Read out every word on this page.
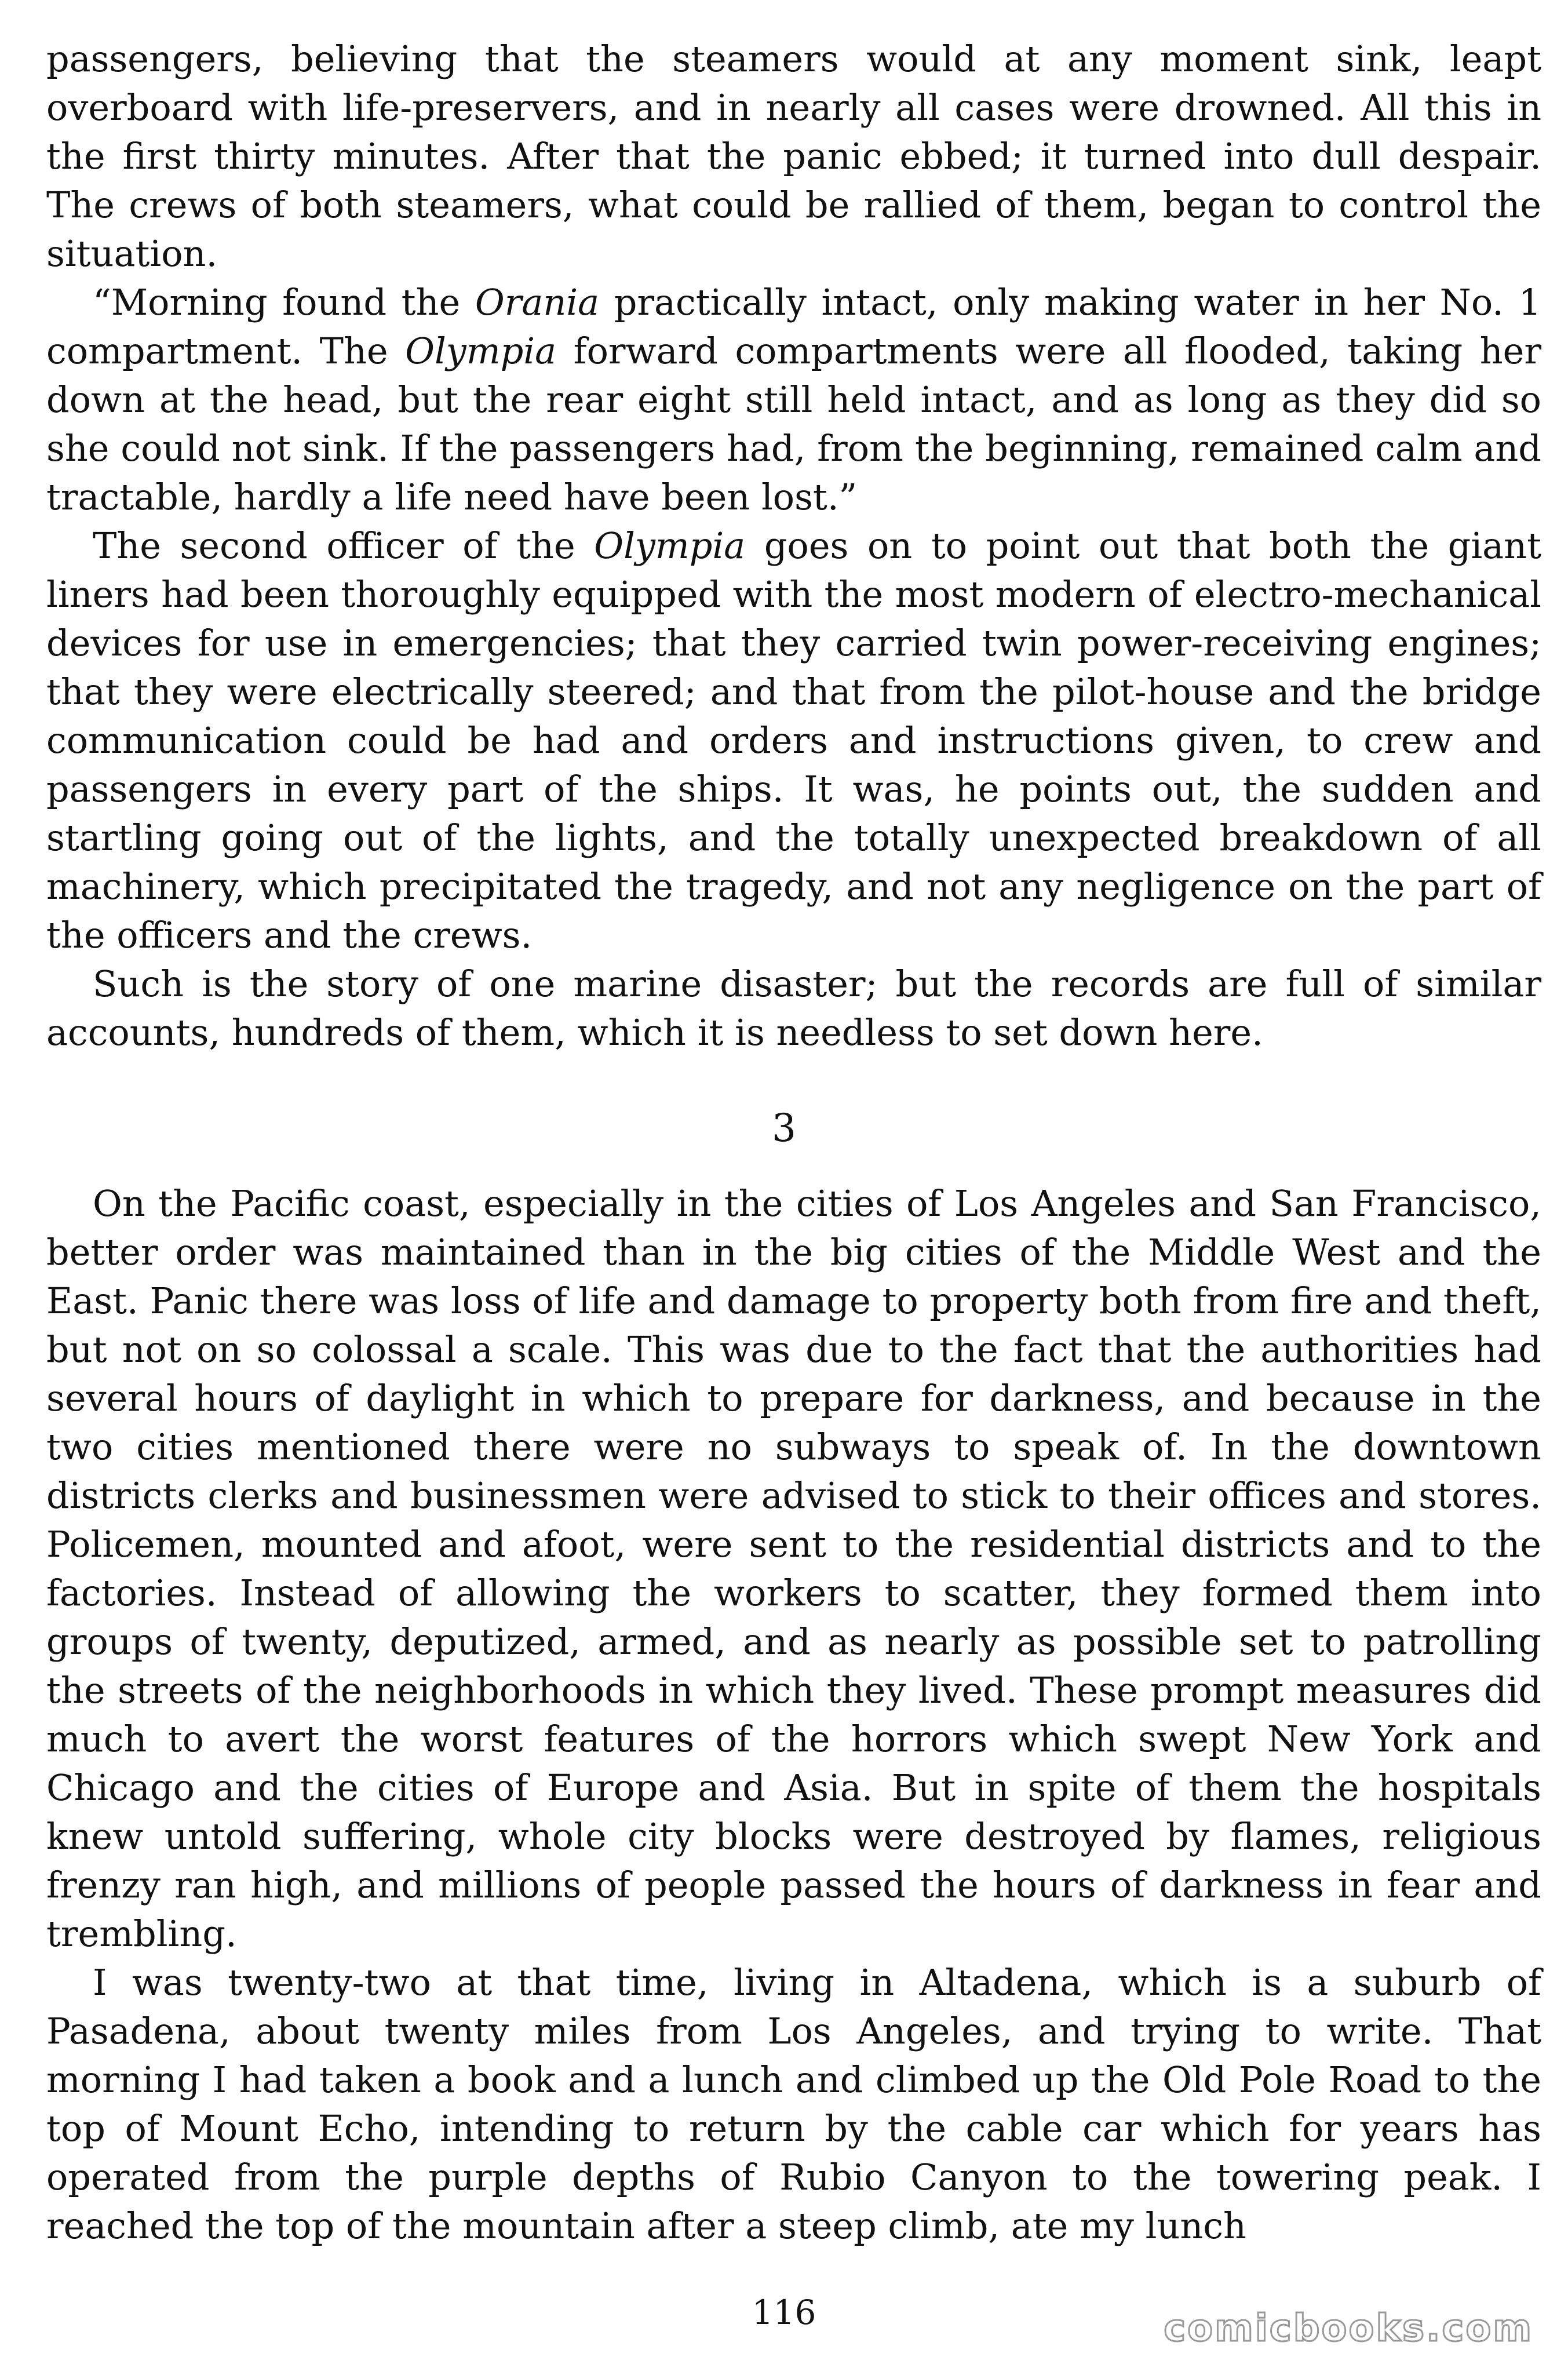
passengers, believing that the steamers would at any moment sink, leapt overboard with life-preservers, and in nearly all cases were drowned. All this in the first thirty minutes. After that the panic ebbed; it turned into dull despair. The crews of both steamers, what could be rallied of them, began to control the situation.

“Morning found the Orania practically intact, only making water in her No. 1 compartment. The Olympia forward compartments were all flooded, taking her down at the head, but the rear eight still held intact, and as long as they did so she could not sink. If the passengers had, from the beginning, remained calm and tractable, hardly a life need have been lost.”

The second officer of the Olympia goes on to point out that both the giant liners had been thoroughly equipped with the most modern of electro-mechanical devices for use in emergencies; that they carried twin power-receiving engines; that they were electrically steered; and that from the pilot-house and the bridge communication could be had and orders and instructions given, to crew and passengers in every part of the ships. It was, he points out, the sudden and startling going out of the lights, and the totally unexpected breakdown of all machinery, which precipitated the tragedy, and not any negligence on the part of the officers and the crews.

Such is the story of one marine disaster; but the records are full of similar accounts, hundreds of them, which it is needless to set down here.

3

On the Pacific coast, especially in the cities of Los Angeles and San Francisco, better order was maintained than in the big cities of the Middle West and the East. Panic there was loss of life and damage to property both from fire and theft, but not on so colossal a scale. This was due to the fact that the authorities had several hours of daylight in which to prepare for darkness, and because in the two cities mentioned there were no subways to speak of. In the downtown districts clerks and businessmen were advised to stick to their offices and stores. Policemen, mounted and afoot, were sent to the residential districts and to the factories. Instead of allowing the workers to scatter, they formed them into groups of twenty, deputized, armed, and as nearly as possible set to patrolling the streets of the neighborhoods in which they lived. These prompt measures did much to avert the worst features of the horrors which swept New York and Chicago and the cities of Europe and Asia. But in spite of them the hospitals knew untold suffering, whole city blocks were destroyed by flames, religious frenzy ran high, and millions of people passed the hours of darkness in fear and trembling.

I was twenty-two at that time, living in Altadena, which is a suburb of Pasadena, about twenty miles from Los Angeles, and trying to write. That morning I had taken a book and a lunch and climbed up the Old Pole Road to the top of Mount Echo, intending to return by the cable car which for years has operated from the purple depths of Rubio Canyon to the towering peak. I reached the top of the mountain after a steep climb, ate my lunch

116	comicbooks.com
